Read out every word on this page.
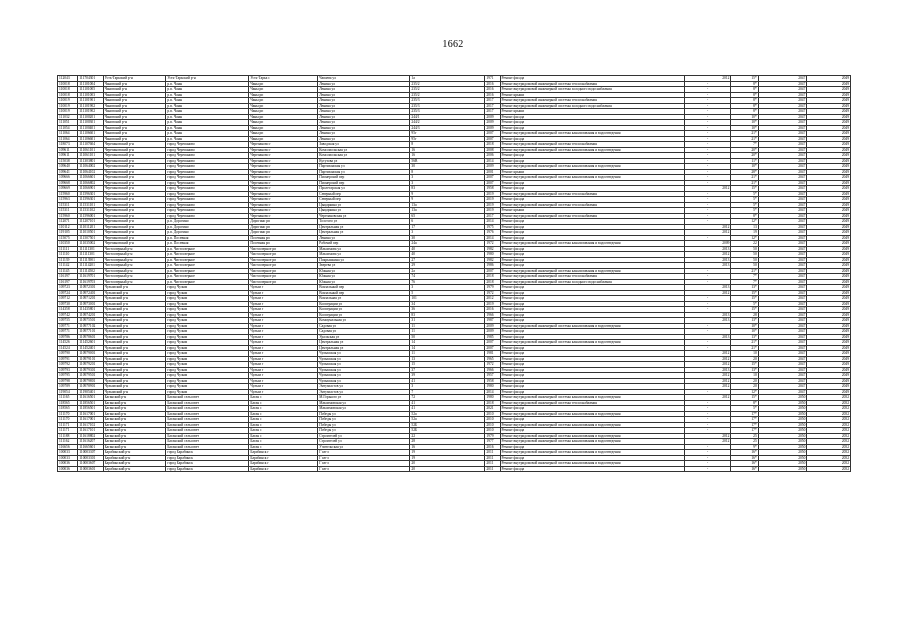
1662
112043	111704301	Усть-Таркский р-н	Усть-Таркский р-н	Усть-Тарка с	Чапаева ул	1а	1971	Ремонт фасада	2012	15*	2047	2049
110018	111101004	Чановский р-н	р.п. Чаны	Чаны рп	Ленина ул	235/2	2016	Ремонт внутридомовой инженерной системы теплоснабжения	-	8*	2047	2049
110018	111101005	Чановский р-н	р.п. Чаны	Чаны рп	Ленина ул	235/2	2016	Ремонт внутридомовой инженерной системы холодного водоснабжения	-	8*	2047	2049
110018	111101003	Чановский р-н	р.п. Чаны	Чаны рп	Ленина ул	235/2	2016	Ремонт крыши	-	8*	2047	2049
110019	111101901	Чановский р-н	р.п. Чаны	Чаны рп	Ленина ул	235/3	2017	Ремонт внутридомовой инженерной системы теплоснабжения	-	8*	2047	2049
110019	111101902	Чановский р-н	р.п. Чаны	Чаны рп	Ленина ул	235/3	2017	Ремонт внутридомовой инженерной системы холодного водоснабжения	-	8*	2047	2049
110019	111101902	Чановский р-н	р.п. Чаны	Чаны рп	Ленина ул	235/3	2017	Ремонт крыши	-	8*	2047	2049
111032	111100201	Чановский р-н	р.п. Чаны	Чаны рп	Ленина ул	244/1	2009	Ремонт фасада	-	10*	2047	2049
111051	111100301	Чановский р-н	р.п. Чаны	Чаны рп	Ленина ул	244/2	2009	Ремонт фасада	-	10*	2047	2049
111054	111100401	Чановский р-н	р.п. Чаны	Чаны рп	Ленина ул	244/3	2009	Ремонт фасада	-	10*	2047	2049
111064	111106601	Чановский р-н	р.п. Чаны	Чаны рп	Ленина ул	95г	2007	Ремонт внутридомовой инженерной системы канализования и водоотведения	-	21*	2047	2049
111064	111106601	Чановский р-н	р.п. Чаны	Чаны рп	Ленина ул	95г	2007	Ремонт фасада	-	21*	2047	2049
118073	111107604	Черепановский р-н	город Черепаново	Черепаново г	Заводская ул	8	2018	Ремонт внутридомовой инженерной системы теплоснабжения	-	7*	2047	2049
109611	111061101	Черепановский р-н	город Черепаново	Черепаново г	Комсомольская ул	16	2008	Ремонт внутридомовой инженерной системы канализования и водоотведения	-	20*	2047	2049
109611	111061101	Черепановский р-н	город Черепаново	Черепаново г	Комсомольская ул	16	2006	Ремонт фасада	-	20*	2047	2049
115038	111303801	Черепановский р-н	город Черепаново	Черепаново г	Кутузова ул	56В	2014	Ремонт фасада	-	11*	2047	2049
109640	111064002	Черепановский р-н	город Черепаново	Черепаново г	Партизанская ул	30	2009	Ремонт внутридомовой инженерной системы канализования и водоотведения	-	10*	2047	2049
109641	111064102	Черепановский р-н	город Черепаново	Черепаново г	Партизанская ул	8	2001	Ремонт крыши	-	28*	2047	2049
109666	111066601	Черепановский р-н	город Черепаново	Черепаново г	Пионерский пер	3	2007	Ремонт внутридомовой инженерной системы канализования и водоотведения	-	21*	2047	2049
109668	111066802	Черепановский р-н	город Черепаново	Черепаново г	Пионерский пер	3	2007	Ремонт фасада	-	21*	2047	2049
109669	111066901	Черепановский р-н	город Черепаново	Черепаново г	Пролетарская ул	83	1958	Ремонт фасада	2012	15*	2047	2049
115960	111596301	Черепановский р-н	город Черепаново	Черепаново г	Северный пер	9	2019	Ремонт внутридомовой инженерной системы теплоснабжения	-	5*	2047	2049
115963	111596301	Черепановский р-н	город Черепаново	Черепаново г	Северный пер	9	2019	Ремонт фасада	-	5*	2047	2049
115311	111531101	Черепановский р-н	город Черепаново	Черепаново г	Цыцаркина ул	13а	2019	Ремонт внутридомовой инженерной системы теплоснабжения	-	5*	2047	2049
115311	111531102	Черепановский р-н	город Черепаново	Черепаново г	Цыцаркина ул	13а	2019	Ремонт крыши	-	5*	2047	2049
115960	111596001	Черепановский р-н	город Черепаново	Черепаново г	Черепановская ул	65	2017	Ремонт внутридомовой инженерной системы теплоснабжения	-	8*	2047	2049
112071	111207101	Черепановский р-н	р.п. Дорогино	Дорогино рп	Толстого ул	6	2014	Ремонт фасада	-	12*	2047	2049
110112	111011201	Черепановский р-н	р.п. Дорогино	Дорогино рп	Центральная ул	17	1975	Ремонт фасада	2012	13	2047	2049
119105	111010501	Черепановский р-н	р.п. Дорогино	Дорогино рп	Центральная ул	3	1976	Ремонт фасада	2012	19	2047	2049
115075	111507501	Черепановский р-н	р.п. Посевная	Посевная рп	Ленина ул	30	2014	Ремонт фасада	-	12*	2047	2049
110350	111035002	Черепановский р-н	р.п. Посевная	Посевная рп	Рабочий пер	24а	1972	Ремонт внутридомовой инженерной системы канализования и водоотведения	2009	22	2047	2049
111111	111111301	Чистоозерный р-н	р.п. Чистоозерное	Чистоозерное рп	Максимова ул	40	1982	Ремонт фасада	2013	50	2047	2049
111110	111111301	Чистоозерный р-н	р.п. Чистоозерное	Чистоозерное рп	Максимова ул	40	1980	Ремонт фасада	2012	50	2047	2049
111139	111113901	Чистоозерный р-н	р.п. Чистоозерное	Чистоозерное рп	Покрышкина ул	27	1982	Ремонт фасада	2013	50	2047	2049
111142	111114201	Чистоозерный р-н	р.п. Чистоозерное	Чистоозерное рп	Зверева ул	29	1986	Ремонт фасада	2013	50	2047	2049
111145	111114502	Чистоозерный р-н	р.п. Чистоозерное	Чистоозерное рп	Южная ул	2а	2007	Ремонт внутридомовой инженерной системы канализования и водоотведения	-	21*	2047	2049
116197	111619701	Чистоозерный р-н	р.п. Чистоозерное	Чистоозерное рп	Южная ул	74	2018	Ремонт внутридомовой инженерной системы теплоснабжения	-	7*	2047	2049
116197	111619703	Чистоозерный р-н	р.п. Чистоозерное	Чистоозерное рп	Южная ул	76	2018	Ремонт внутридомовой инженерной системы холодного водоснабжения	-	7*	2047	2049
109723	110972301	Чулымский р-н	город Чулым	Чулым г	Вокзальный пер	3	1979	Ремонт фасада	2013	13*	2047	2049
109724	110972401	Чулымский р-н	город Чулым	Чулым г	Вокзальный пер	5	1972	Ремонт фасада	2012	15*	2047	2049
109712	110971201	Чулымский р-н	город Чулым	Чулым г	Вокзальная ул	101	2012	Ремонт фасада	-	15*	2047	2049
109730	110973001	Чулымский р-н	город Чулым	Чулым г	Кооперации ул	34	2019	Ремонт фасада	-	5*	2047	2049
114358	111435801	Чулымский р-н	город Чулым	Чулым г	Кооперации ул	36	2016	Ремонт фасада	-	15*	2047	2049
109742	110974201	Чулымский р-н	город Чулым	Чулым г	Кооперации ул	83	1966	Ремонт фасада	2013	28	2047	2049
109755	110975501	Чулымский р-н	город Чулым	Чулым г	Коммунальная ул	31	1987	Ремонт фасада	2013	13*	2047	2049
109771	110977102	Чулымский р-н	город Чулым	Чулым г	Садовая ул	11	2009	Ремонт внутридомовой инженерной системы канализования и водоотведения	-	10*	2047	2049
109771	110977101	Чулымский р-н	город Чулым	Чулым г	Садовая ул	11	2009	Ремонт фасада	-	10*	2047	2049
109786	110978601	Чулымский р-н	город Чулым	Чулым г	Уральская ул	50	1985	Ремонт фасада	2013	13*	2047	2049
114526	111452601	Чулымский р-н	город Чулым	Чулым г	Центральная ул	14	2007	Ремонт внутридомовой инженерной системы канализования и водоотведения	-	21*	2047	2049
114524	111452401	Чулымский р-н	город Чулым	Чулым г	Центральная ул	14	2007	Ремонт фасада	-	21*	2047	2049
109790	110979001	Чулымский р-н	город Чулым	Чулым г	Чулымская ул	11	1981	Ремонт фасада	2012	10	2047	2049
109791	110979101	Чулымский р-н	город Чулым	Чулым г	Чулымская ул	13	1965	Ремонт фасада	2012	20	2047	2049
109792	110979201	Чулымский р-н	город Чулым	Чулым г	Чулымская ул	15	1972	Ремонт фасада	2012	15*	2047	2049
109793	110979301	Чулымский р-н	город Чулым	Чулым г	Чулымская ул	37	1966	Ремонт фасада	2013	13*	2047	2049
109795	110979501	Чулымский р-н	город Чулым	Чулым г	Чулымская ул	39	1957	Ремонт фасада	2012	10	2047	2049
109798	110979801	Чулымский р-н	город Чулым	Чулым г	Чулымская ул	41	1958	Ремонт фасада	2012	20	2047	2049
109789	110978901	Чулымский р-н	город Чулым	Чулым г	Энтузиастов ул	3	1980	Ремонт фасада	2012	20	2047	2049
119054	111905401	Чулымский р-н	город Чулым	Чулым г	Энтузиастов ул	7	2014	Ремонт фасада	-	12*	2047	2049
111165	111616501	Баганский р-н	Баганский сельсовет	Баган с	М.Горького ул	72	1980	Ремонт внутридомовой инженерной системы канализования и водоотведения	2012	15*	2050	2052
118565	111856501	Баганский р-н	Баганский сельсовет	Баган с	Максимовская ул	41	2018	Ремонт внутридомовой инженерной системы теплоснабжения	-	8*	2050	2052
118565	111856501	Баганский р-н	Баганский сельсовет	Баган с	Максимовская ул	41	2021	Ремонт фасада	-	5*	2050	2052
111170	111617001	Баганский р-н	Баганский сельсовет	Баган с	Победы ул	52а	2010	Ремонт внутридомовой инженерной системы канализования и водоотведения	-	17*	2050	2052
111170	111617001	Баганский р-н	Баганский сельсовет	Баган с	Победы ул	52а	2010	Ремонт фасада	-	17*	2050	2052
111171	111617102	Баганский р-н	Баганский сельсовет	Баган с	Победы ул	52Б	2010	Ремонт внутридомовой инженерной системы канализования и водоотведения	-	17*	2050	2052
111171	111617101	Баганский р-н	Баганский сельсовет	Баган с	Победы ул	52Б	2010	Ремонт фасада	-	17*	2050	2052
111188	111618802	Баганский р-н	Баганский сельсовет	Баган с	Строителей ул	22	1979	Ремонт внутридомовой инженерной системы канализования и водоотведения	2012	25	2050	2052
111162	111616207	Баганский р-н	Баганский сельсовет	Баган с	Строителей ул	28	1977	Ремонт внутридомовой инженерной системы канализования и водоотведения	2012	25	2050	2052
116656	111665601	Баганский р-н	Баганский сельсовет	Баган с	Учительская ул	16	2016	Ремонт фасада	-	9*	2050	2052
100033	110003307	Барабинский р-н	город Барабинск	Барабинск г	Г кв-л	19	2011	Ремонт внутридомовой инженерной системы канализования и водоотведения	-	16*	2050	2052
100033	110003301	Барабинский р-н	город Барабинск	Барабинск г	Г кв-л	19	2011	Ремонт фасада	-	16*	2050	2052
100036	110003607	Барабинский р-н	город Барабинск	Барабинск г	Г кв-л	20	2011	Ремонт внутридомовой инженерной системы канализования и водоотведения	-	16*	2050	2052
100036	110003601	Барабинский р-н	город Барабинск	Барабинск г	Г кв-л	20	2011	Ремонт фасада	-	16*	2050	2052
